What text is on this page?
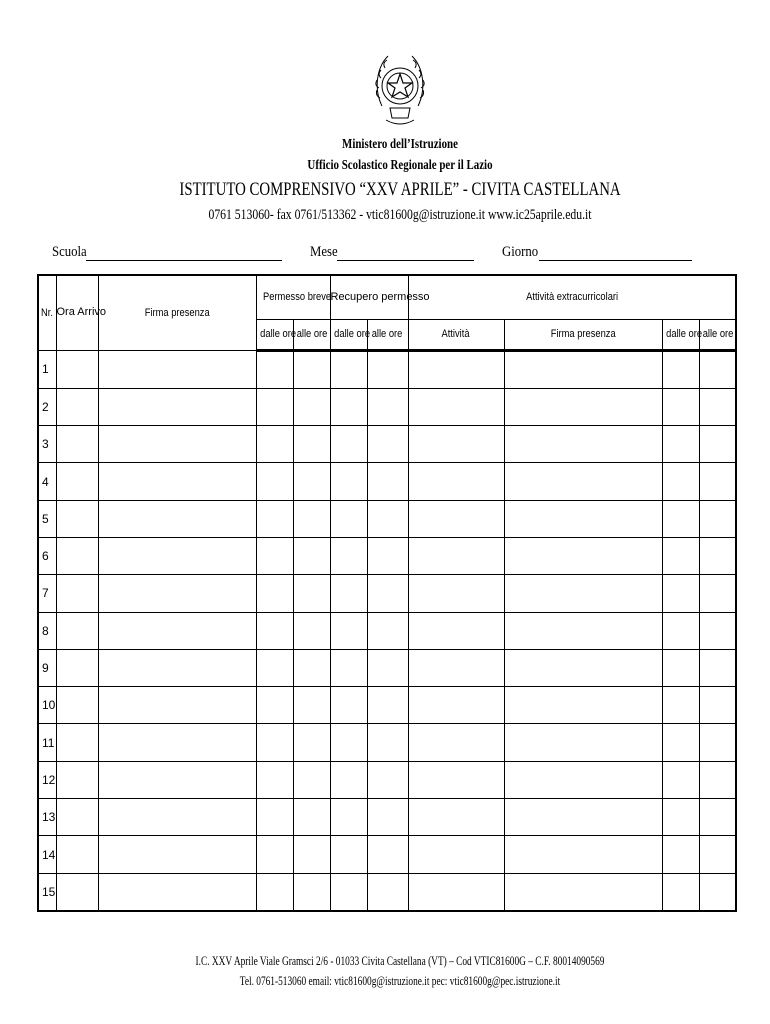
Ministero dell’Istruzione
Ufficio Scolastico Regionale per il Lazio
ISTITUTO COMPRENSIVO “XXV APRILE” - CIVITA CASTELLANA
0761 513060- fax 0761/513362 - vtic81600g@istruzione.it www.ic25aprile.edu.it
Scuola	Mese	Giorno
Nr.	Ora Arrivo	Firma presenza	Permesso breve		Recupero permesso		Attività extracurricolari			
			dalle ore	alle ore	dalle ore	alle ore	Attività	Firma presenza	dalle ore	alle ore
1										
2										
3										
4										
5										
6										
7										
8										
9										
10										
11										
12										
13										
14										
15										
I.C. XXV Aprile Viale Gramsci 2/6 - 01033 Civita Castellana (VT) – Cod VTIC81600G – C.F. 80014090569
Tel. 0761-513060 email: vtic81600g@istruzione.it pec: vtic81600g@pec.istruzione.it
